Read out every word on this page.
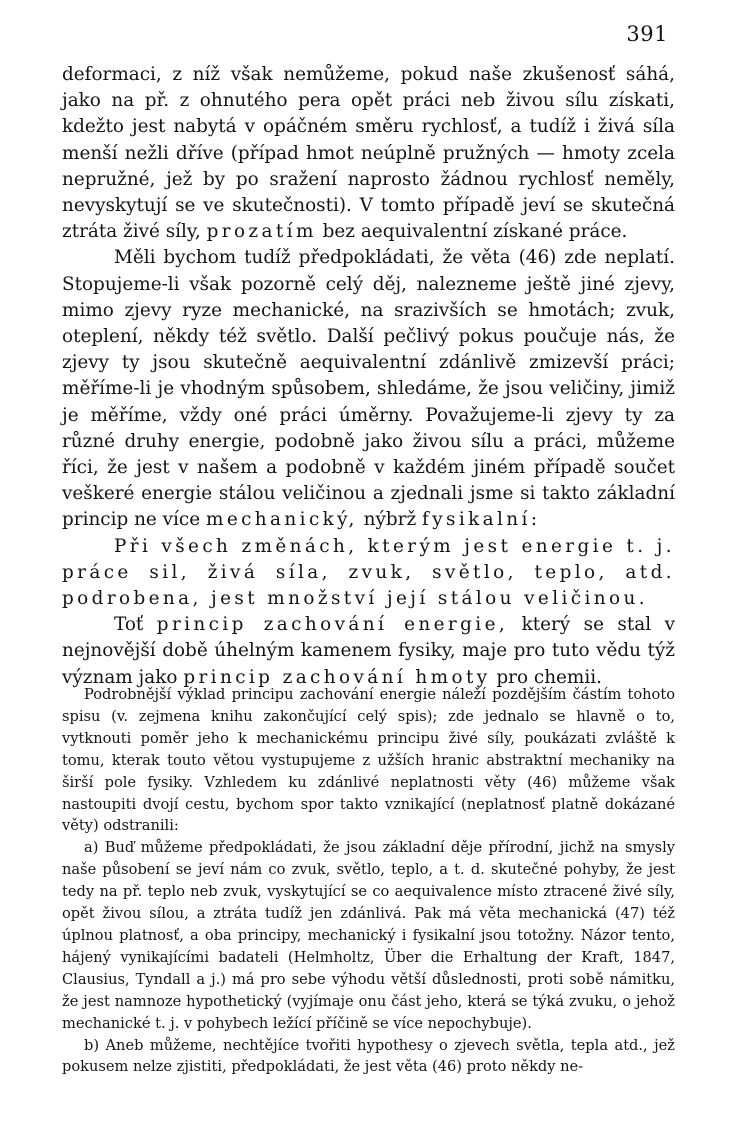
391

deformaci, z níž však nemůžeme, pokud naše zkušenosť sáhá, jako na př. z ohnutého pera opět práci neb živou sílu získati, kdežto jest nabytá v opáčném směru rychlosť, a tudíž i živá síla menší nežli dříve (případ hmot neúplně pružných — hmoty zcela nepružné, jež by po sražení naprosto žádnou rychlosť neměly, nevyskytují se ve skutečnosti). V tomto případě jeví se skutečná ztráta živé síly, prozatím bez aequivalentní získané práce.

Měli bychom tudíž předpokládati, že věta (46) zde neplatí. Stopujeme-li však pozorně celý děj, nalezneme ještě jiné zjevy, mimo zjevy ryze mechanické, na srazivších se hmotách; zvuk, oteplení, někdy též světlo. Další pečlivý pokus poučuje nás, že zjevy ty jsou skutečně aequivalentní zdánlivě zmizevší práci; měříme-li je vhodným spůsobem, shledáme, že jsou veličiny, jimiž je měříme, vždy oné práci úměrny. Považujeme-li zjevy ty za různé druhy energie, podobně jako živou sílu a práci, můžeme říci, že jest v našem a podobně v každém jiném případě součet veškeré energie stálou veličinou a zjednali jsme si takto základní princip ne více mechanický, nýbrž fysikalní:

Při všech změnách, kterým jest energie t. j. práce sil, živá síla, zvuk, světlo, teplo, atd. podrobena, jest množství její stálou veličinou.

Toť princip zachování energie, který se stal v nejnovější době úhelným kamenem fysiky, maje pro tuto vědu týž význam jako princip zachování hmoty pro chemii.

Podrobnější výklad principu zachování energie náleží pozdějším částím tohoto spisu (v. zejmena knihu zakončující celý spis); zde jednalo se hlavně o to, vytknouti poměr jeho k mechanickému principu živé síly, poukázati zvláště k tomu, kterak touto větou vystupujeme z užších hranic abstraktní mechaniky na širší pole fysiky. Vzhledem ku zdánlivé neplatnosti věty (46) můžeme však nastoupiti dvojí cestu, bychom spor takto vznikající (neplatnosť platně dokázané věty) odstranili:

a) Buď můžeme předpokládati, že jsou základní děje přírodní, jichž na smysly naše působení se jeví nám co zvuk, světlo, teplo, a t. d. skutečné pohyby, že jest tedy na př. teplo neb zvuk, vyskytující se co aequivalence místo ztracené živé síly, opět živou sílou, a ztráta tudíž jen zdánlivá. Pak má věta mechanická (47) též úplnou platnosť, a oba principy, mechanický i fysikalní jsou totožny. Názor tento, hájený vynikajícími badateli (Helmholtz, Über die Erhaltung der Kraft, 1847, Clausius, Tyndall a j.) má pro sebe výhodu větší důslednosti, proti sobě námitku, že jest namnoze hypothetický (vyjímaje onu část jeho, která se týká zvuku, o jehož mechanické t. j. v pohybech ležící příčině se více nepochybuje).

b) Aneb můžeme, nechtějíce tvořiti hypothesy o zjevech světla, tepla atd., jež pokusem nelze zjistiti, předpokládati, že jest věta (46) proto někdy ne-
